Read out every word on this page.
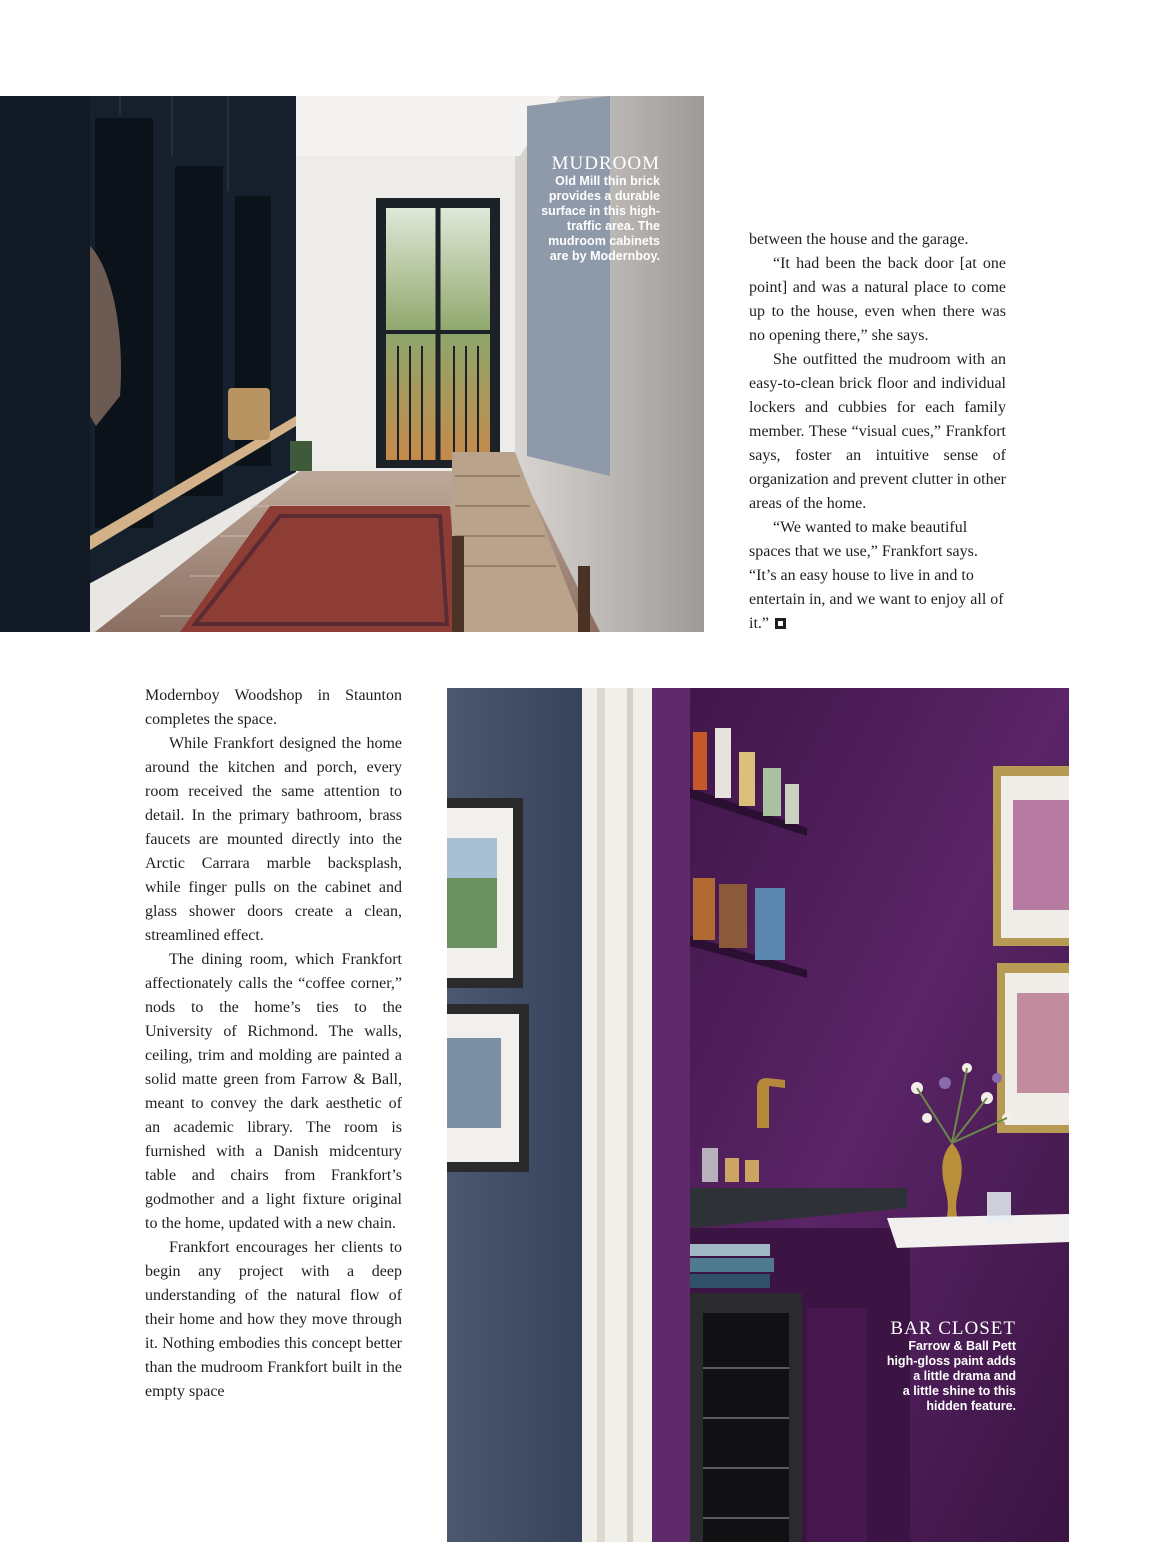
MUDROOM
Old Mill thin brick
provides a durable
surface in this high-
traffic area. The
mudroom cabinets
are by Modernboy.

between the house and the garage.

“It had been the back door [at one point] and was a natural place to come up to the house, even when there was no opening there,” she says.

She outfitted the mudroom with an easy-to-clean brick floor and individual lockers and cubbies for each family member. These “visual cues,” Frankfort says, foster an intuitive sense of organization and prevent clutter in other areas of the home.

“We wanted to make beautiful spaces that we use,” Frankfort says. “It’s an easy house to live in and to entertain in, and we want to enjoy all of it.”

Modernboy Woodshop in Staunton completes the space.

While Frankfort designed the home around the kitchen and porch, every room received the same attention to detail. In the primary bathroom, brass faucets are mounted directly into the Arctic Carrara marble backsplash, while finger pulls on the cabinet and glass shower doors create a clean, streamlined effect.

The dining room, which Frankfort affectionately calls the “coffee corner,” nods to the home’s ties to the University of Richmond. The walls, ceiling, trim and molding are painted a solid matte green from Farrow & Ball, meant to convey the dark aesthetic of an academic library. The room is furnished with a Danish midcentury table and chairs from Frankfort’s godmother and a light fixture original to the home, updated with a new chain.

Frankfort encourages her clients to begin any project with a deep understanding of the natural flow of their home and how they move through it. Nothing embodies this concept better than the mudroom Frankfort built in the empty space

BAR CLOSET
Farrow & Ball Pett
high-gloss paint adds
a little drama and
a little shine to this
hidden feature.
